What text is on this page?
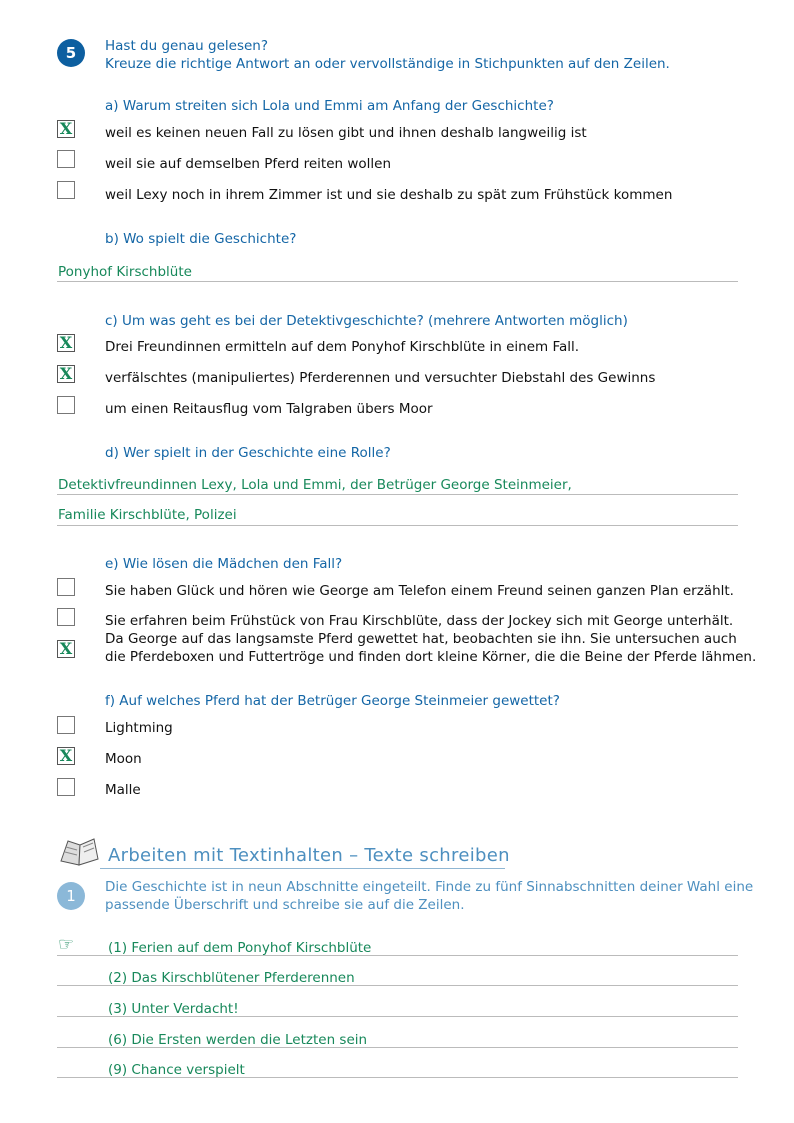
5	Hast du genau gelesen?
Kreuze die richtige Antwort an oder vervollständige in Stichpunkten auf den Zeilen.
a) Warum streiten sich Lola und Emmi am Anfang der Geschichte?
X
weil es keinen neuen Fall zu lösen gibt und ihnen deshalb langweilig ist
weil sie auf demselben Pferd reiten wollen
weil Lexy noch in ihrem Zimmer ist und sie deshalb zu spät zum Frühstück kommen
b) Wo spielt die Geschichte?
Ponyhof Kirschblüte
c) Um was geht es bei der Detektivgeschichte? (mehrere Antworten möglich)
X
Drei Freundinnen ermitteln auf dem Ponyhof Kirschblüte in einem Fall.
X
verfälschtes (manipuliertes) Pferderennen und versuchter Diebstahl des Gewinns
um einen Reitausflug vom Talgraben übers Moor
d) Wer spielt in der Geschichte eine Rolle?
Detektivfreundinnen Lexy, Lola und Emmi, der Betrüger George Steinmeier,
Familie Kirschblüte, Polizei
e) Wie lösen die Mädchen den Fall?
Sie haben Glück und hören wie George am Telefon einem Freund seinen ganzen Plan erzählt.
Sie erfahren beim Frühstück von Frau Kirschblüte, dass der Jockey sich mit George unterhält.
X
Da George auf das langsamste Pferd gewettet hat, beobachten sie ihn. Sie untersuchen auch
die Pferdeboxen und Futtertröge und finden dort kleine Körner, die die Beine der Pferde lähmen.
f) Auf welches Pferd hat der Betrüger George Steinmeier gewettet?
Lightming
X
Moon
Malle
Arbeiten mit Textinhalten – Texte schreiben
1	Die Geschichte ist in neun Abschnitte eingeteilt. Finde zu fünf Sinnabschnitten deiner Wahl eine
passende Überschrift und schreibe sie auf die Zeilen.
☞	(1) Ferien auf dem Ponyhof Kirschblüte
(2) Das Kirschblütener Pferderennen
(3) Unter Verdacht!
(6) Die Ersten werden die Letzten sein
(9) Chance verspielt
